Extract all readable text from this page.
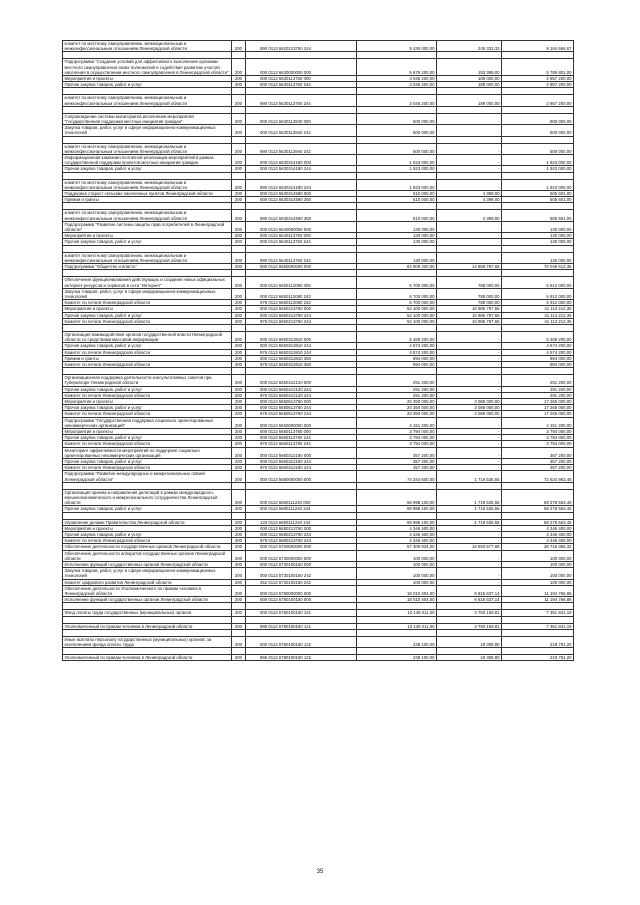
комитет по местному самоуправлению, межнациональным и межконфессиональным отношениям Ленинградской области	200	990 0113 6620213760 244	9 430 000,00	245 333,33	9 184 666,67

Подпрограмма "Создание условий для эффективного выполнения органами местного самоуправления своих полномочий и содействие развитию участия населения в осуществлении местного самоуправления в Ленинградской области"	200	000 0113 6630000000 000	5 679 200,00	193 399,00	5 785 801,00
Мероприятия и проекты	200	000 0113 6630113760 000	3 046 200,00	189 000,00	2 857 200,00
Прочая закупка товаров, работ и услуг	200	000 0113 6630113760 244	3 046 200,00	189 000,00	2 857 200,00

комитет по местному самоуправлению, межнациональным и межконфессиональным отношениям Ленинградской области	200	990 0113 6630113760 244	3 046 200,00	189 000,00	2 857 200,00

Сопровождение системы мониторинга исполнения мероприятия "Государственная поддержка местных инициатив граждан"	200	000 0113 6630113940 000	500 000,00	-	500 000,00
Закупка товаров, работ, услуг в сфере информационно-коммуникационных технологий	200	000 0113 6630113940 242	500 000,00	-	500 000,00

комитет по местному самоуправлению, межнациональным и межконфессиональным отношениям Ленинградской области	200	990 0113 6630113940 242	500 000,00	-	500 000,00
Информационная кампания поэтапной реализации мероприятий в рамках государственной поддержки проектов местных инициатив граждан	200	000 0113 6630314180 000	1 923 000,00	-	1 923 000,00
Прочая закупка товаров, работ и услуг	200	000 0113 6630314180 244	1 923 000,00	-	1 923 000,00

комитет по местному самоуправлению, межнациональным и межконфессиональным отношениям Ленинградской области	200	990 0113 6630314180 244	1 923 000,00	-	1 923 000,00
Поддержка старост сельских населенных пунктов Ленинградской области	200	000 0113 6630314590 000	510 000,00	4 399,00	505 601,00
Премии и гранты	200	000 0113 6630314590 350	510 000,00	4 399,00	505 601,00

комитет по местному самоуправлению, межнациональным и межконфессиональным отношениям Ленинградской области	200	990 0113 6630314590 350	510 000,00	4 399,00	505 601,00
Подпрограмма "Развитие системы защиты прав потребителей в Ленинградской области"	200	000 0113 6640000000 000	130 000,00	-	130 000,00
Мероприятия и проекты	200	000 0113 6640113760 000	130 000,00	-	130 000,00
Прочая закупка товаров, работ и услуг	200	000 0113 6640113760 244	130 000,00	-	130 000,00

комитет по местному самоуправлению, межнациональным и межконфессиональным отношениям Ленинградской области	200	990 0113 6640113760 244	130 000,00	-	130 000,00
Подпрограмма "Общество и власть"	200	000 0113 6650000000 000	84 909 400,00	14 859 787,65	70 049 612,35

Обеспечение функционирования действующих и создание новых официальных интернет-ресурсов и сервисов в сети "Интернет"	200	000 0113 6650112080 000	6 700 000,00	788 000,00	5 912 000,00
Закупка товаров, работ, услуг в сфере информационно-коммуникационных технологий	200	000 0113 6650112080 242	6 700 000,00	788 000,00	5 912 000,00
Комитет по печати Ленинградской области	200	976 0113 6650112080 242	6 700 000,00	788 000,00	5 912 000,00
Мероприятия и проекты	200	000 0113 6650213760 000	52 100 000,00	10 986 787,65	41 113 212,35
Прочая закупка товаров, работ и услуг	200	000 0113 6650213760 244	52 100 000,00	10 986 787,65	41 113 212,35
Комитет по печати Ленинградской области	200	976 0113 6650213760 244	52 100 000,00	10 986 787,65	41 113 212,35

Организация взаимодействия органов государственной власти Ленинградской области со средствами массовой информации	200	000 0113 6650313810 000	5 468 200,00	-	5 468 200,00
Прочая закупка товаров, работ и услуг	200	000 0113 6650313810 244	4 574 200,00	-	4 574 200,00
Комитет по печати Ленинградской области	200	976 0113 6650313810 244	4 574 200,00	-	4 574 200,00
Премии и гранты	200	000 0113 6650313810 350	894 000,00	-	894 000,00
Комитет по печати Ленинградской области	200	976 0113 6650313810 350	894 000,00	-	894 000,00

Организационная поддержка деятельности консультативных советов при Губернаторе Ленинградской области	200	000 0113 6650412120 000	291 200,00	-	291 200,00
Прочая закупка товаров, работ и услуг	200	000 0113 6650412120 244	291 200,00	-	291 200,00
Комитет по печати Ленинградской области	200	976 0113 6650412120 244	291 200,00	-	291 200,00
Мероприятия и проекты	200	000 0113 6650513760 000	20 350 000,00	3 085 000,00	17 265 000,00
Прочая закупка товаров, работ и услуг	200	000 0113 6650513760 244	20 350 000,00	3 085 000,00	17 265 000,00
Комитет по печати Ленинградской области	200	976 0113 6650513760 244	20 350 000,00	3 085 000,00	17 265 000,00
Подпрограмма "Государственная поддержка социально ориентированных некоммерческих организаций"	200	000 0113 6660000000 000	4 151 200,00	-	4 151 200,00
Мероприятия и проекты	200	000 0113 6660113760 000	3 794 000,00	-	3 794 000,00
Прочая закупка товаров, работ и услуг	200	000 0113 6660113760 244	3 794 000,00	-	3 794 000,00
Комитет по печати Ленинградской области	200	976 0113 6660113760 244	3 794 000,00	-	3 794 000,00
Мониторинг эффективности мероприятий по поддержке социально ориентированных некоммерческих организаций	200	000 0113 6660312180 000	357 200,00	-	357 200,00
Прочая закупка товаров, работ и услуг	200	000 0113 6660312180 244	357 200,00	-	357 200,00
Комитет по печати Ленинградской области	200	976 0113 6660312180 244	357 200,00	-	357 200,00
Подпрограмма "Развитие международных и межрегиональных связей Ленинградской области"	200	000 0113 6680000000 000	74 344 500,00	1 719 536,55	72 624 963,45

Организация приема и направления делегаций в рамках международного, внешнеэкономического и межрегионального сотрудничества Ленинградской области	200	000 0113 6680111240 000	69 998 100,00	1 719 536,55	68 278 563,45
Прочая закупка товаров, работ и услуг	200	000 0113 6680111240 244	69 998 100,00	1 719 536,55	68 278 563,45

Управление делами Правительства Ленинградской области	200	133 0113 6680111240 244	69 998 100,00	1 719 536,55	68 278 563,45
Мероприятия и проекты	200	000 0113 6680213760 000	4 346 400,00	-	4 346 400,00
Прочая закупка товаров, работ и услуг	200	000 0113 6680213760 244	4 346 400,00	-	4 346 400,00
Комитет по печати Ленинградской области	200	976 0113 6680213760 244	4 346 400,00	-	4 346 400,00
Обеспечение деятельности государственных органов Ленинградской области	200	000 0113 6700000000 000	57 309 934,00	18 593 577,68	38 716 356,32
Обеспечение деятельности аппаратов государственных органов Ленинградской области	200	000 0113 6730000000 000	100 000,00	-	100 000,00
Исполнение функций государственных органов Ленинградской области	200	000 0113 6730100150 000	100 000,00	-	100 000,00
Закупка товаров, работ, услуг в сфере информационно-коммуникационных технологий	200	000 0113 6730100150 242	100 000,00	-	100 000,00
Комитет цифрового развития Ленинградской области	200	252 0113 6730100150 242	100 000,00	-	100 000,00
Обеспечение деятельности Уполномоченного по правам человека в Ленинградской области	200	000 0113 6780000000 000	18 010 404,00	6 815 637,14	11 194 766,86
Исполнение функций государственных органов Ленинградской области	200	000 0113 6780100150 000	18 010 404,00	6 815 637,14	11 194 766,86

Фонд оплаты труда государственных (муниципальных) органов	200	000 0113 6780100150 121	12 145 011,00	4 793 169,81	7 351 841,19

Уполномоченный по правам человека в Ленинградской области	200	995 0113 6780100150 121	12 145 011,00	4 793 169,81	7 351 841,19

Иные выплаты персоналу государственных (муниципальных) органов, за исключением фонда оплаты труда	200	000 0113 6780100150 122	238 100,00	19 308,80	218 791,20

Уполномоченный по правам человека в Ленинградской области	200	995 0113 6780100150 122	238 100,00	19 308,80	218 791,20
35
